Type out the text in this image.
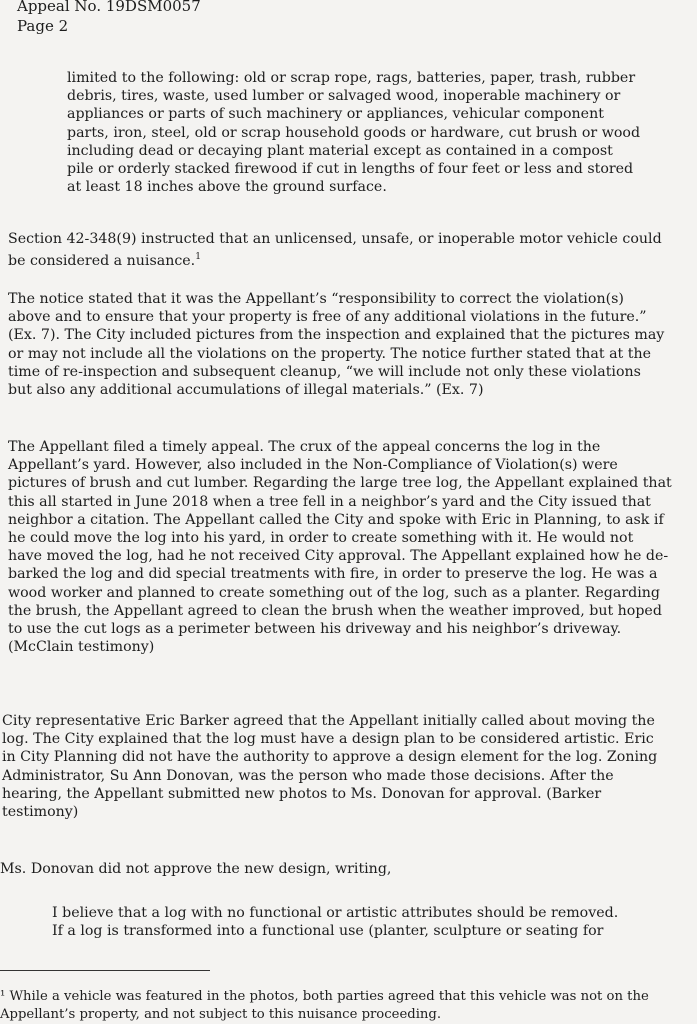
Appeal No. 19DSM0057
Page 2

limited to the following: old or scrap rope, rags, batteries, paper, trash, rubber

debris, tires, waste, used lumber or salvaged wood, inoperable machinery or

appliances or parts of such machinery or appliances, vehicular component

parts, iron, steel, old or scrap household goods or hardware, cut brush or wood

including dead or decaying plant material except as contained in a compost

pile or orderly stacked firewood if cut in lengths of four feet or less and stored

at least 18 inches above the ground surface.

Section 42-348(9) instructed that an unlicensed, unsafe, or inoperable motor vehicle could

be considered a nuisance.$^1$

The notice stated that it was the Appellant’s “responsibility to correct the violation(s)

above and to ensure that your property is free of any additional violations in the future.”

(Ex. 7). The City included pictures from the inspection and explained that the pictures may

or may not include all the violations on the property. The notice further stated that at the

time of re-inspection and subsequent cleanup, “we will include not only these violations

but also any additional accumulations of illegal materials.” (Ex. 7)

The Appellant filed a timely appeal. The crux of the appeal concerns the log in the

Appellant’s yard. However, also included in the Non-Compliance of Violation(s) were

pictures of brush and cut lumber. Regarding the large tree log, the Appellant explained that

this all started in June 2018 when a tree fell in a neighbor’s yard and the City issued that

neighbor a citation. The Appellant called the City and spoke with Eric in Planning, to ask if

he could move the log into his yard, in order to create something with it. He would not

have moved the log, had he not received City approval. The Appellant explained how he de-

barked the log and did special treatments with fire, in order to preserve the log. He was a

wood worker and planned to create something out of the log, such as a planter. Regarding

the brush, the Appellant agreed to clean the brush when the weather improved, but hoped

to use the cut logs as a perimeter between his driveway and his neighbor’s driveway.

(McClain testimony)

City representative Eric Barker agreed that the Appellant initially called about moving the

log. The City explained that the log must have a design plan to be considered artistic. Eric

in City Planning did not have the authority to approve a design element for the log. Zoning

Administrator, Su Ann Donovan, was the person who made those decisions. After the

hearing, the Appellant submitted new photos to Ms. Donovan for approval. (Barker

testimony)

Ms. Donovan did not approve the new design, writing,

I believe that a log with no functional or artistic attributes should be removed.

If a log is transformed into a functional use (planter, sculpture or seating for

¹ While a vehicle was featured in the photos, both parties agreed that this vehicle was not on the

Appellant’s property, and not subject to this nuisance proceeding.
